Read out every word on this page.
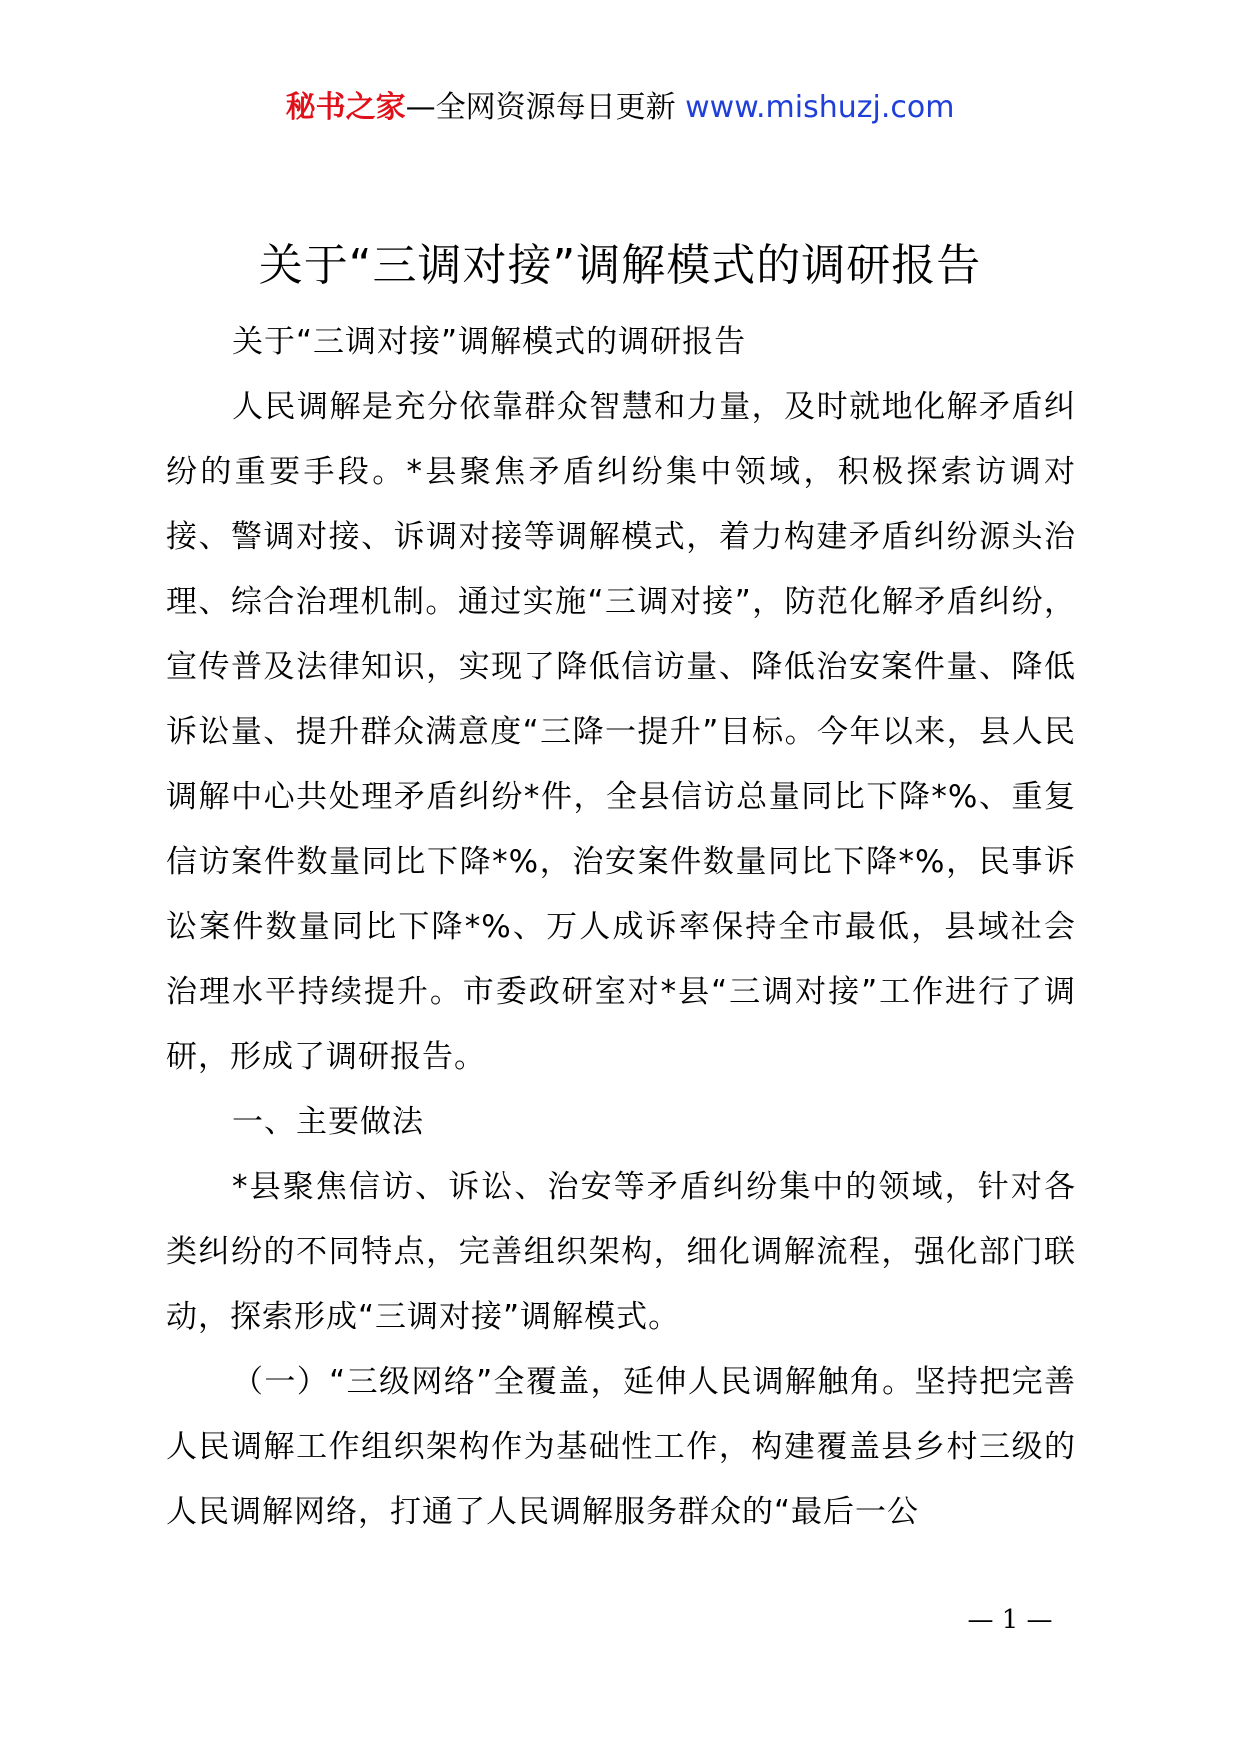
秘书之家—全网资源每日更新 www.mishuzj.com
关于“三调对接”调解模式的调研报告

关于“三调对接”调解模式的调研报告

人民调解是充分依靠群众智慧和力量，及时就地化解矛盾纠纷的重要手段。*县聚焦矛盾纠纷集中领域，积极探索访调对接、警调对接、诉调对接等调解模式，着力构建矛盾纠纷源头治理、综合治理机制。通过实施“三调对接”，防范化解矛盾纠纷，宣传普及法律知识，实现了降低信访量、降低治安案件量、降低诉讼量、提升群众满意度“三降一提升”目标。今年以来，县人民调解中心共处理矛盾纠纷*件，全县信访总量同比下降*%、重复信访案件数量同比下降*%，治安案件数量同比下降*%，民事诉讼案件数量同比下降*%、万人成诉率保持全市最低，县域社会治理水平持续提升。市委政研室对*县“三调对接”工作进行了调研，形成了调研报告。

一、主要做法

*县聚焦信访、诉讼、治安等矛盾纠纷集中的领域，针对各类纠纷的不同特点，完善组织架构，细化调解流程，强化部门联动，探索形成“三调对接”调解模式。

（一）“三级网络”全覆盖，延伸人民调解触角。坚持把完善人民调解工作组织架构作为基础性工作，构建覆盖县乡村三级的人民调解网络，打通了人民调解服务群众的“最后一公

— 1 —
